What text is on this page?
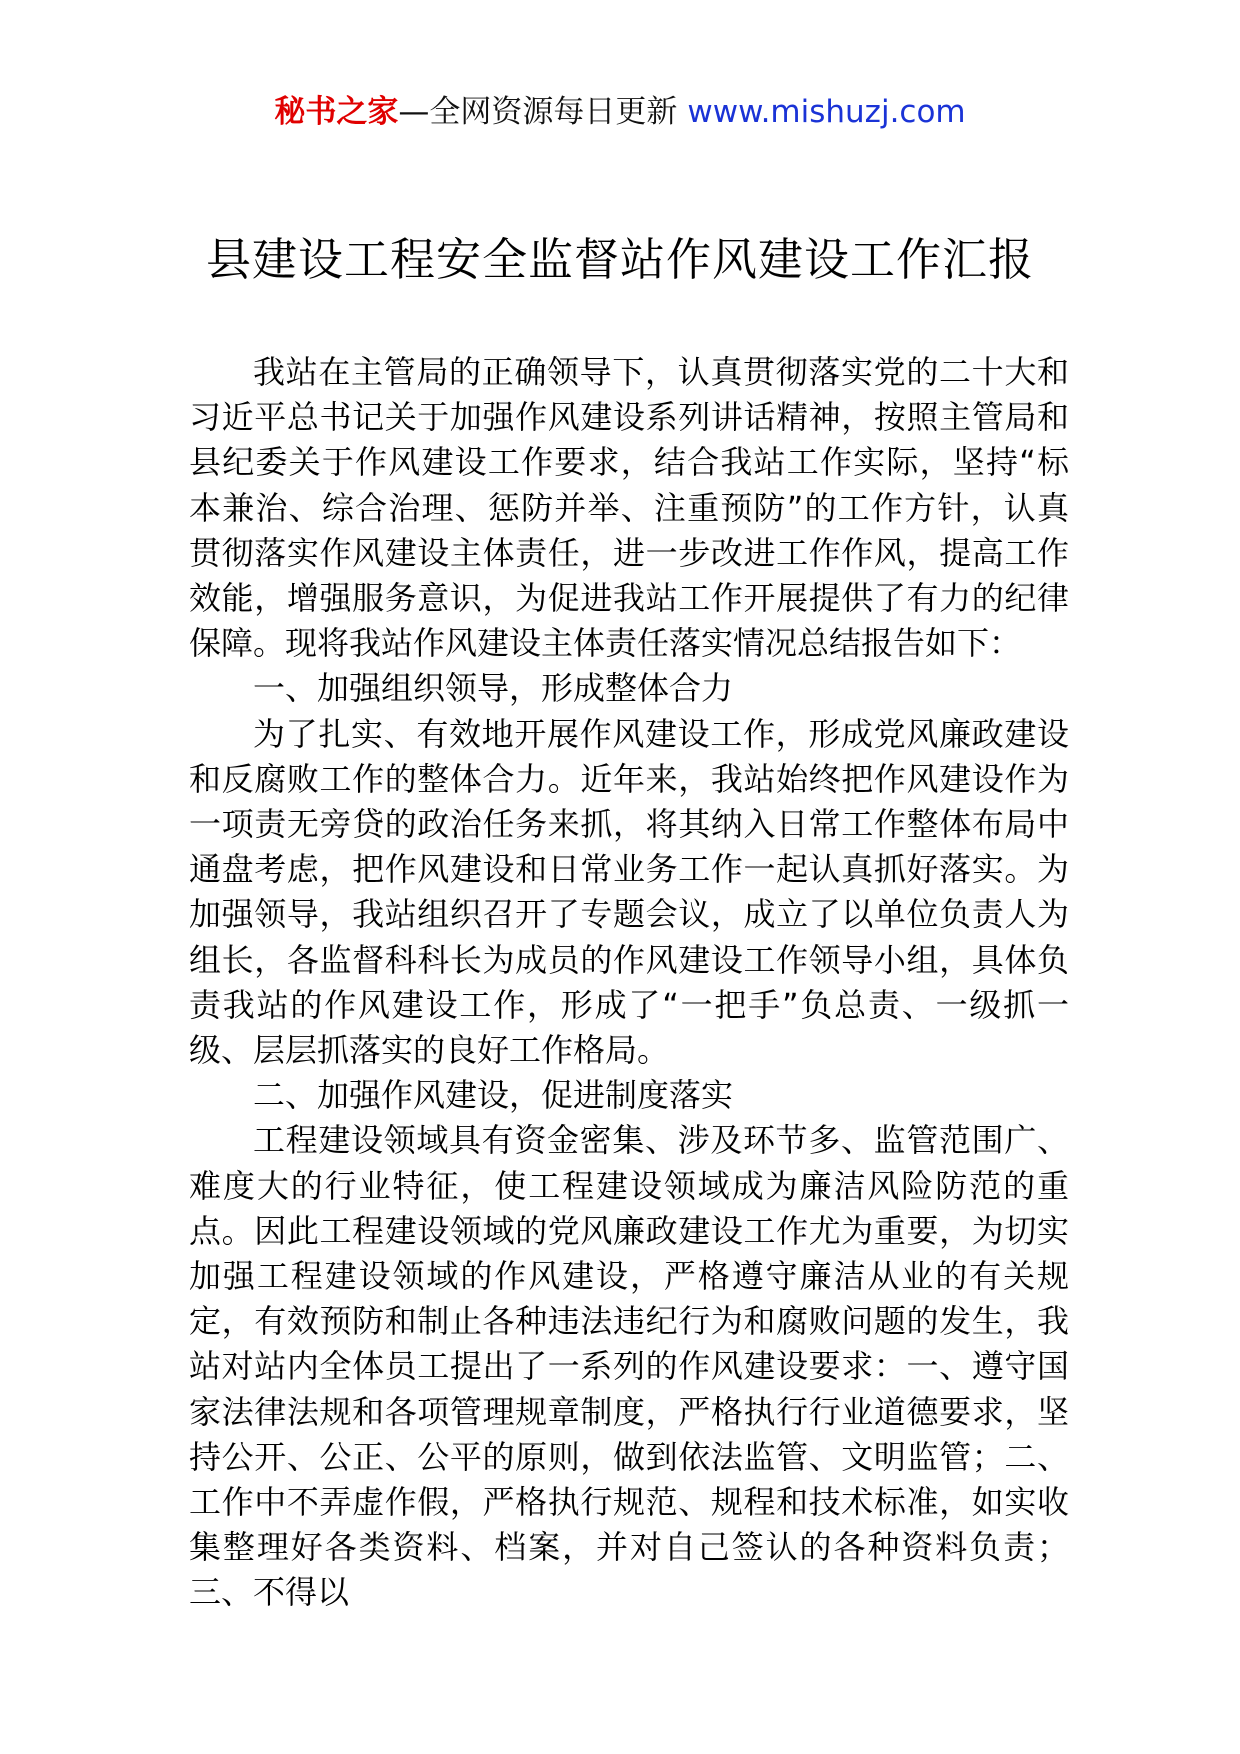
秘书之家—全网资源每日更新 www.mishuzj.com
县建设工程安全监督站作风建设工作汇报

我站在主管局的正确领导下，认真贯彻落实党的二十大和习近平总书记关于加强作风建设系列讲话精神，按照主管局和县纪委关于作风建设工作要求，结合我站工作实际，坚持“标本兼治、综合治理、惩防并举、注重预防”的工作方针，认真贯彻落实作风建设主体责任，进一步改进工作作风，提高工作效能，增强服务意识，为促进我站工作开展提供了有力的纪律保障。现将我站作风建设主体责任落实情况总结报告如下：

一、加强组织领导，形成整体合力

为了扎实、有效地开展作风建设工作，形成党风廉政建设和反腐败工作的整体合力。近年来，我站始终把作风建设作为一项责无旁贷的政治任务来抓，将其纳入日常工作整体布局中通盘考虑，把作风建设和日常业务工作一起认真抓好落实。为加强领导，我站组织召开了专题会议，成立了以单位负责人为组长，各监督科科长为成员的作风建设工作领导小组，具体负责我站的作风建设工作，形成了“一把手”负总责、一级抓一级、层层抓落实的良好工作格局。

二、加强作风建设，促进制度落实

工程建设领域具有资金密集、涉及环节多、监管范围广、难度大的行业特征，使工程建设领域成为廉洁风险防范的重点。因此工程建设领域的党风廉政建设工作尤为重要，为切实加强工程建设领域的作风建设，严格遵守廉洁从业的有关规定，有效预防和制止各种违法违纪行为和腐败问题的发生，我站对站内全体员工提出了一系列的作风建设要求：一、遵守国家法律法规和各项管理规章制度，严格执行行业道德要求，坚持公开、公正、公平的原则，做到依法监管、文明监管；二、工作中不弄虚作假，严格执行规范、规程和技术标准，如实收集整理好各类资料、档案，并对自己签认的各种资料负责；三、不得以
